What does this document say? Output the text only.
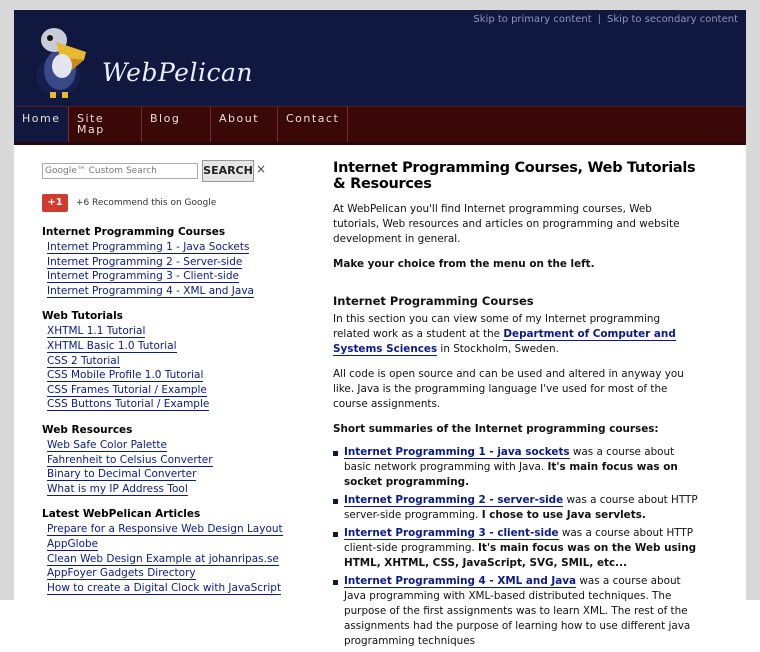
Skip to primary content | Skip to secondary content
WebPelican
Home	Site
Map
Blog	About	Contact
Google™ Custom Search	SEARCH ×
+1	+6 Recommend this on Google
Internet Programming Courses
Internet Programming 1 - Java Sockets
Internet Programming 2 - Server-side
Internet Programming 3 - Client-side
Internet Programming 4 - XML and Java
Web Tutorials
XHTML 1.1 Tutorial
XHTML Basic 1.0 Tutorial
CSS 2 Tutorial
CSS Mobile Profile 1.0 Tutorial
CSS Frames Tutorial / Example
CSS Buttons Tutorial / Example
Web Resources
Web Safe Color Palette
Fahrenheit to Celsius Converter
Binary to Decimal Converter
What is my IP Address Tool
Latest WebPelican Articles
Prepare for a Responsive Web Design Layout
AppGlobe
Clean Web Design Example at johanripas.se
AppFoyer Gadgets Directory
How to create a Digital Clock with JavaScript
Internet Programming Courses, Web Tutorials & Resources

At WebPelican you'll find Internet programming courses, Web tutorials, Web resources and articles on programming and website development in general.

Make your choice from the menu on the left.

Internet Programming Courses

In this section you can view some of my Internet programming related work as a student at the Department of Computer and Systems Sciences in Stockholm, Sweden.

All code is open source and can be used and altered in anyway you like. Java is the programming language I've used for most of the course assignments.

Short summaries of the Internet programming courses:

Internet Programming 1 - java sockets was a course about basic network programming with Java. It's main focus was on socket programming.
Internet Programming 2 - server-side was a course about HTTP server-side programming. I chose to use Java servlets.
Internet Programming 3 - client-side was a course about HTTP client-side programming. It's main focus was on the Web using HTML, XHTML, CSS, JavaScript, SVG, SMIL, etc...
Internet Programming 4 - XML and Java was a course about Java programming with XML-based distributed techniques. The purpose of the first assignments was to learn XML. The rest of the assignments had the purpose of learning how to use different java programming techniques
